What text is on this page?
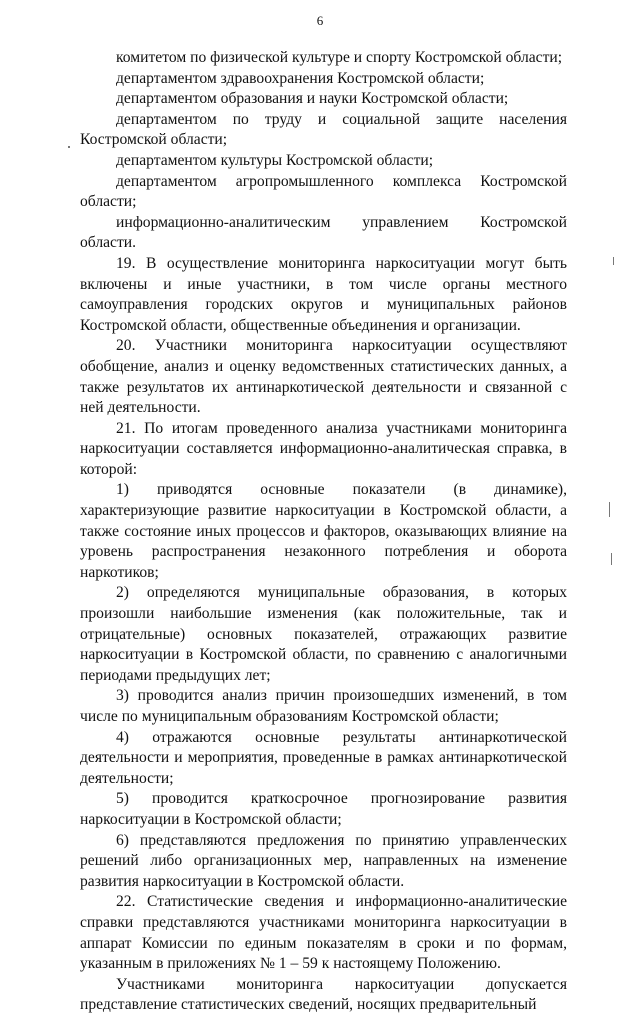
6

комитетом по физической культуре и спорту Костромской области;

департаментом здравоохранения Костромской области;

департаментом образования и науки Костромской области;

департаментом по труду и социальной защите населения Костромской области;

департаментом культуры Костромской области;

департаментом агропромышленного комплекса Костромской области;

информационно-аналитическим управлением Костромской области.

19. В осуществление мониторинга наркоситуации могут быть включены и иные участники, в том числе органы местного самоуправления городских округов и муниципальных районов Костромской области, общественные объединения и организации.

20. Участники мониторинга наркоситуации осуществляют обобщение, анализ и оценку ведомственных статистических данных, а также результатов их антинаркотической деятельности и связанной с ней деятельности.

21. По итогам проведенного анализа участниками мониторинга наркоситуации составляется информационно-аналитическая справка, в которой:

1) приводятся основные показатели (в динамике), характеризующие развитие наркоситуации в Костромской области, а также состояние иных процессов и факторов, оказывающих влияние на уровень распространения незаконного потребления и оборота наркотиков;

2) определяются муниципальные образования, в которых произошли наибольшие изменения (как положительные, так и отрицательные) основных показателей, отражающих развитие наркоситуации в Костромской области, по сравнению с аналогичными периодами предыдущих лет;

3) проводится анализ причин произошедших изменений, в том числе по муниципальным образованиям Костромской области;

4) отражаются основные результаты антинаркотической деятельности и мероприятия, проведенные в рамках антинаркотической деятельности;

5) проводится краткосрочное прогнозирование развития наркоситуации в Костромской области;

6) представляются предложения по принятию управленческих решений либо организационных мер, направленных на изменение развития наркоситуации в Костромской области.

22. Статистические сведения и информационно-аналитические справки представляются участниками мониторинга наркоситуации в аппарат Комиссии по единым показателям в сроки и по формам, указанным в приложениях № 1 – 59 к настоящему Положению.

Участниками мониторинга наркоситуации допускается представление статистических сведений, носящих предварительный
